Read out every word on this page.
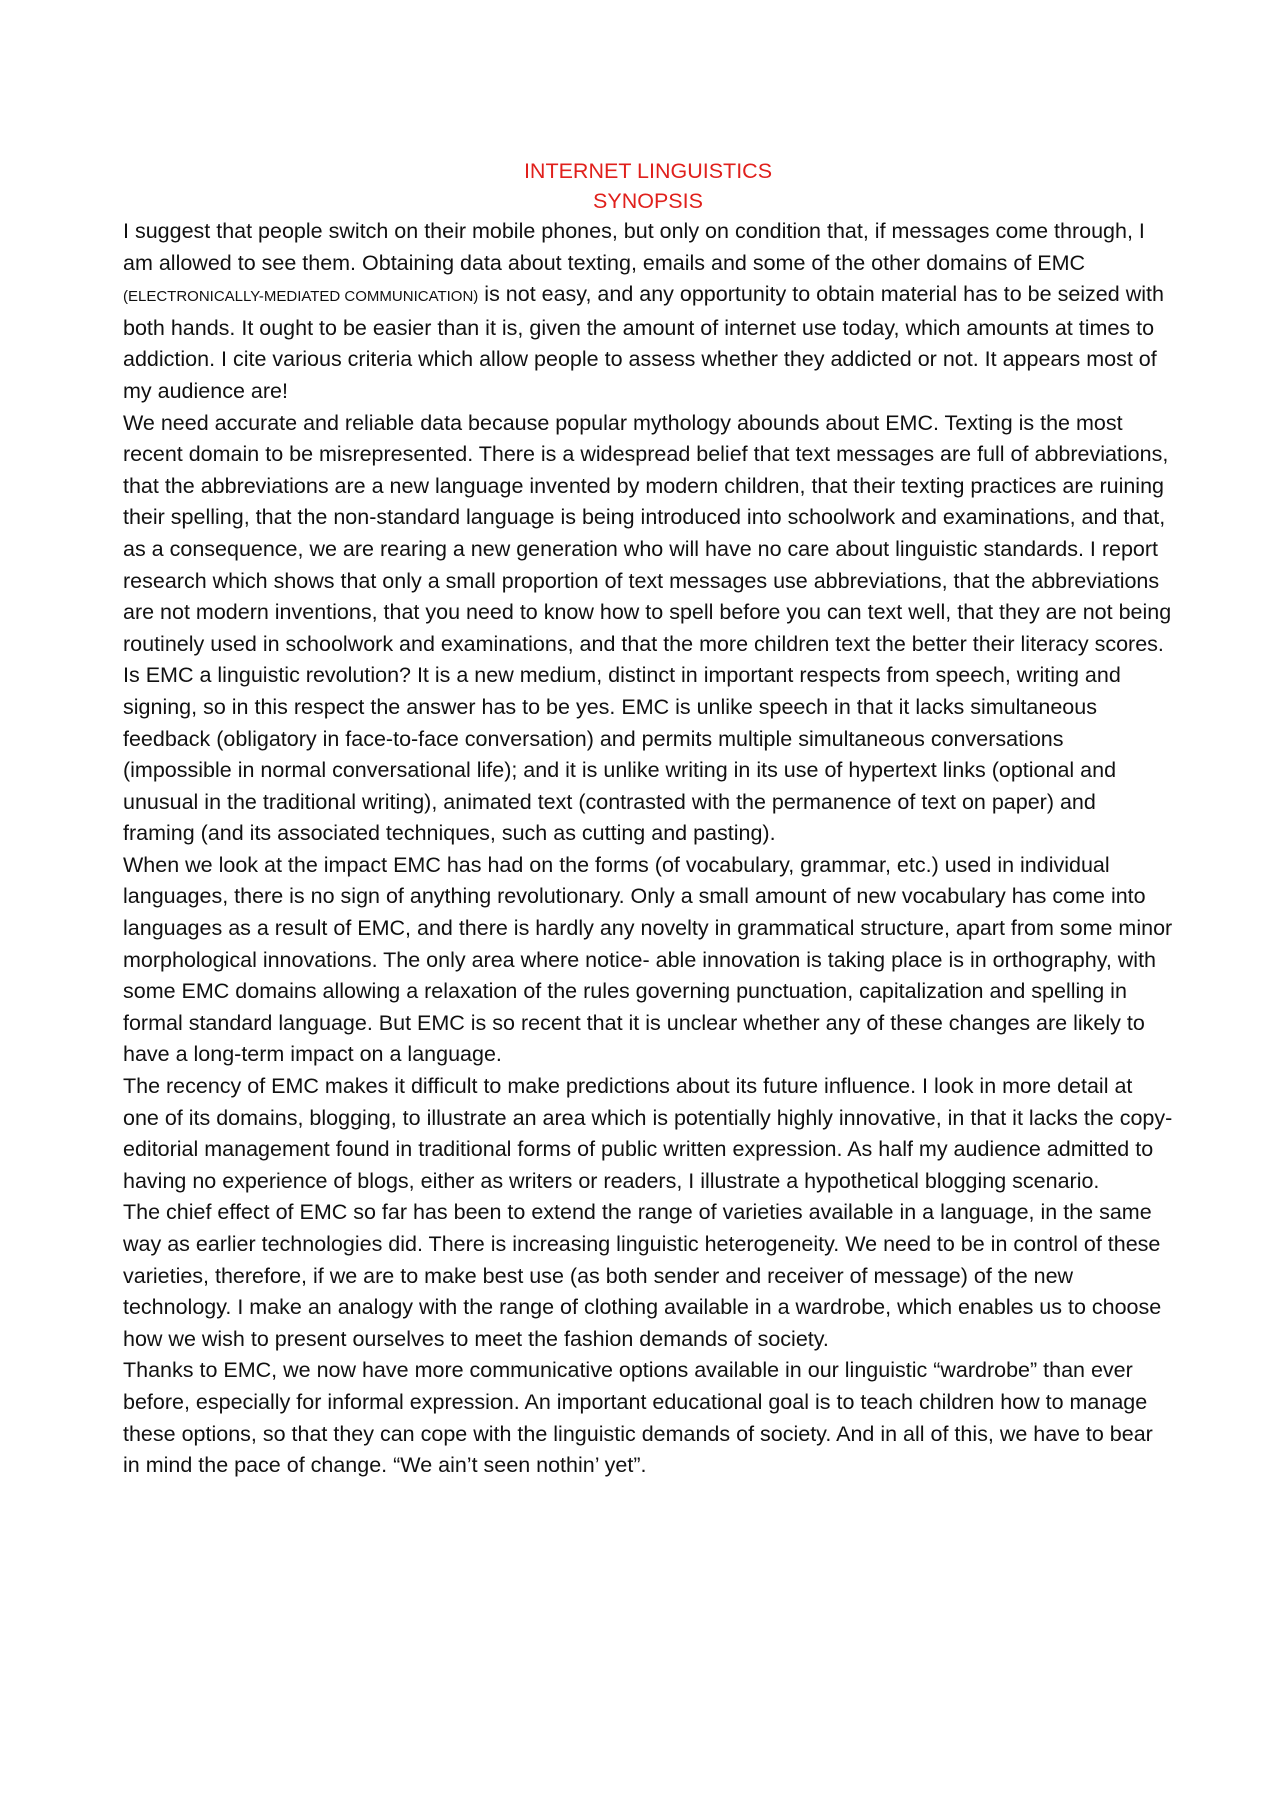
INTERNET LINGUISTICS
SYNOPSIS

I suggest that people switch on their mobile phones, but only on condition that, if messages come through, I am allowed to see them. Obtaining data about texting, emails and some of the other domains of EMC (ELECTRONICALLY-MEDIATED COMMUNICATION) is not easy, and any opportunity to obtain material has to be seized with both hands. It ought to be easier than it is, given the amount of internet use today, which amounts at times to addiction. I cite various criteria which allow people to assess whether they addicted or not. It appears most of my audience are!

We need accurate and reliable data because popular mythology abounds about EMC. Texting is the most recent domain to be misrepresented. There is a widespread belief that text messages are full of abbreviations, that the abbreviations are a new language invented by modern children, that their texting practices are ruining their spelling, that the non-standard language is being introduced into schoolwork and examinations, and that, as a consequence, we are rearing a new generation who will have no care about linguistic standards. I report research which shows that only a small proportion of text messages use abbreviations, that the abbreviations are not modern inventions, that you need to know how to spell before you can text well, that they are not being routinely used in schoolwork and examinations, and that the more children text the better their literacy scores.

Is EMC a linguistic revolution? It is a new medium, distinct in important respects from speech, writing and signing, so in this respect the answer has to be yes. EMC is unlike speech in that it lacks simultaneous feedback (obligatory in face-to-face conversation) and permits multiple simultaneous conversations (impossible in normal conversational life); and it is unlike writing in its use of hypertext links (optional and unusual in the traditional writing), animated text (contrasted with the permanence of text on paper) and framing (and its associated techniques, such as cutting and pasting).

When we look at the impact EMC has had on the forms (of vocabulary, grammar, etc.) used in individual languages, there is no sign of anything revolutionary. Only a small amount of new vocabulary has come into languages as a result of EMC, and there is hardly any novelty in grammatical structure, apart from some minor morphological innovations. The only area where notice- able innovation is taking place is in orthography, with some EMC domains allowing a relaxation of the rules governing punctuation, capitalization and spelling in formal standard language. But EMC is so recent that it is unclear whether any of these changes are likely to have a long-term impact on a language.

The recency of EMC makes it difficult to make predictions about its future influence. I look in more detail at one of its domains, blogging, to illustrate an area which is potentially highly innovative, in that it lacks the copy-editorial management found in traditional forms of public written expression. As half my audience admitted to having no experience of blogs, either as writers or readers, I illustrate a hypothetical blogging scenario.

The chief effect of EMC so far has been to extend the range of varieties available in a language, in the same way as earlier technologies did. There is increasing linguistic heterogeneity. We need to be in control of these varieties, therefore, if we are to make best use (as both sender and receiver of message) of the new technology. I make an analogy with the range of clothing available in a wardrobe, which enables us to choose how we wish to present ourselves to meet the fashion demands of society.

Thanks to EMC, we now have more communicative options available in our linguistic “wardrobe” than ever before, especially for informal expression. An important educational goal is to teach children how to manage these options, so that they can cope with the linguistic demands of society. And in all of this, we have to bear in mind the pace of change. “We ain’t seen nothin’ yet”.
